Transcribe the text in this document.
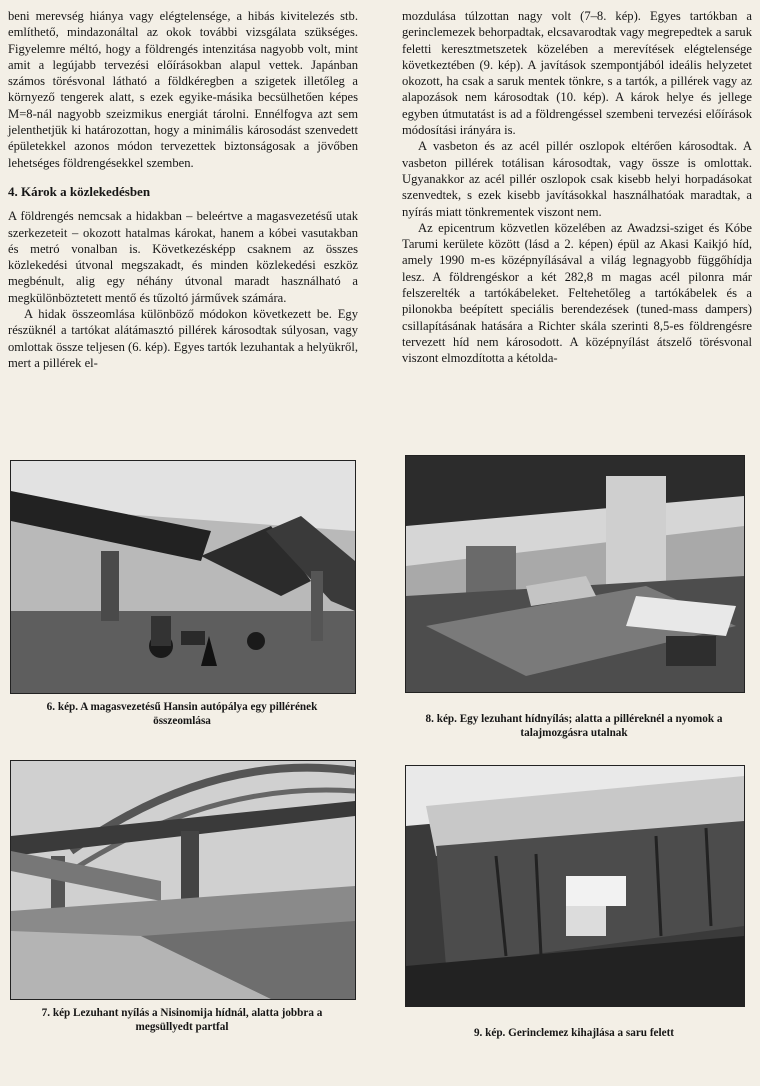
beni merevség hiánya vagy elégtelensége, a hibás kivitelezés stb. említhető, mindazonáltal az okok további vizsgálata szükséges. Figyelemre méltó, hogy a földrengés intenzitása nagyobb volt, mint amit a legújabb tervezési előírásokban alapul vettek. Japánban számos törésvonal látható a földkéregben a szigetek illetőleg a környező tengerek alatt, s ezek egyike-másika becsülhetően képes M=8-nál nagyobb szeizmikus energiát tárolni. Ennélfogva azt sem jelenthetjük ki határozottan, hogy a minimális károsodást szenvedett épületekkel azonos módon tervezettek biztonságosak a jövőben lehetséges földrengésekkel szemben.

4. Károk a közlekedésben

A földrengés nemcsak a hidakban – beleértve a magasvezetésű utak szerkezeteit – okozott hatalmas károkat, hanem a kóbei vasutakban és metró vonalban is. Következésképp csaknem az összes közlekedési útvonal megszakadt, és minden közlekedési eszköz megbénult, alig egy néhány útvonal maradt használható a megkülönböztetett mentő és tűzoltó járművek számára.

A hidak összeomlása különböző módokon következett be. Egy részüknél a tartókat alátámasztó pillérek károsodtak súlyosan, vagy omlottak össze teljesen (6. kép). Egyes tartók lezuhantak a helyükről, mert a pillérek el-

mozdulása túlzottan nagy volt (7–8. kép). Egyes tartókban a gerinclemezek behorpadtak, elcsavarodtak vagy megrepedtek a saruk feletti keresztmetszetek közelében a merevítések elégtelensége következtében (9. kép). A javítások szempontjából ideális helyzetet okozott, ha csak a saruk mentek tönkre, s a tartók, a pillérek vagy az alapozások nem károsodtak (10. kép). A károk helye és jellege egyben útmutatást is ad a földrengéssel szembeni tervezési előírások módosítási irányára is.

A vasbeton és az acél pillér oszlopok eltérően károsodtak. A vasbeton pillérek totálisan károsodtak, vagy össze is omlottak. Ugyanakkor az acél pillér oszlopok csak kisebb helyi horpadásokat szenvedtek, s ezek kisebb javításokkal használhatóak maradtak, a nyírás miatt tönkrementek viszont nem.

Az epicentrum közvetlen közelében az Awadzsi-sziget és Kóbe Tarumi kerülete között (lásd a 2. képen) épül az Akasi Kaikjó híd, amely 1990 m-es középnyílásával a világ legnagyobb függőhídja lesz. A földrengéskor a két 282,8 m magas acél pilonra már felszerelték a tartókábeleket. Feltehetőleg a tartókábelek és a pilonokba beépített speciális berendezések (tuned-mass dampers) csillapításának hatására a Richter skála szerinti 8,5-es földrengésre tervezett híd nem károsodott. A középnyílást átszelő törésvonal viszont elmozdította a kétolda-

6. kép. A magasvezetésű Hansin autópálya egy pillérének összeomlása	8. kép. Egy lezuhant hídnyílás; alatta a pilléreknél a nyomok a talajmozgásra utalnak
7. kép Lezuhant nyílás a Nisinomija hídnál, alatta jobbra a megsüllyedt partfal	9. kép. Gerinclemez kihajlása a saru felett
